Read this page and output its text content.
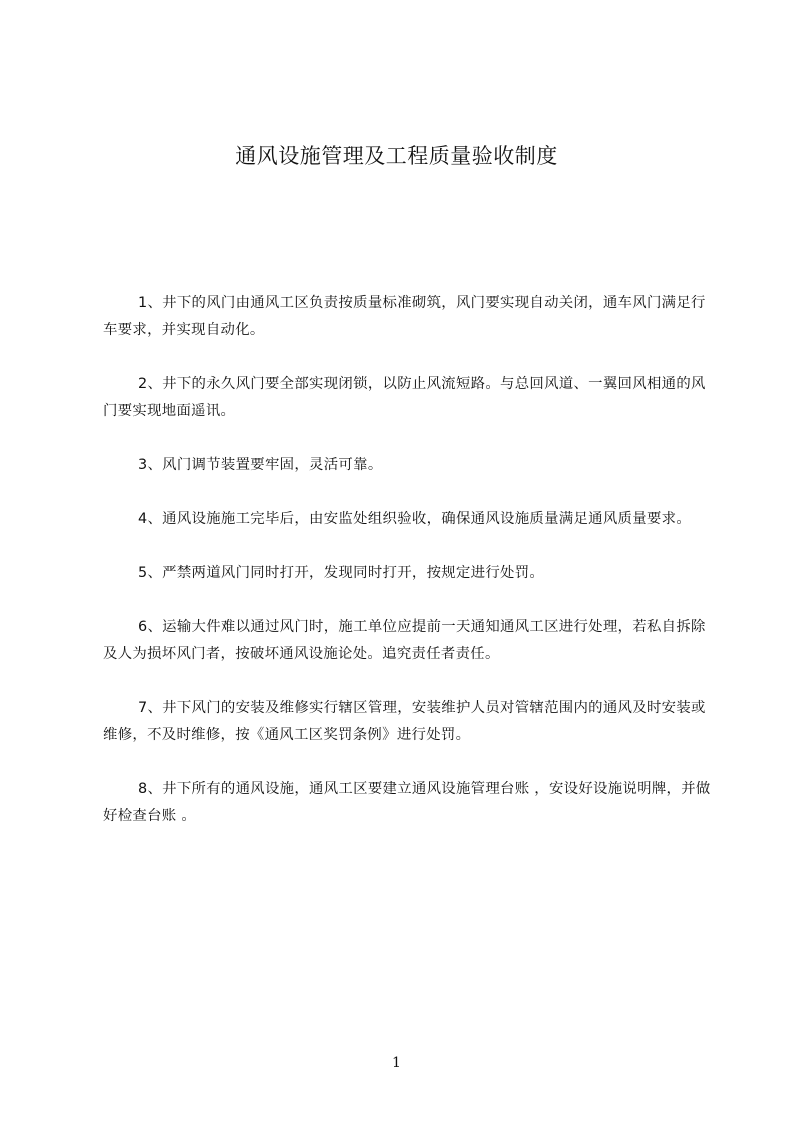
通风设施管理及工程质量验收制度

1、井下的风门由通风工区负责按质量标准砌筑，风门要实现自动关闭，通车风门满足行车要求，并实现自动化。

2、井下的永久风门要全部实现闭锁，以防止风流短路。与总回风道、一翼回风相通的风门要实现地面遥讯。

3、风门调节装置要牢固，灵活可靠。

4、通风设施施工完毕后，由安监处组织验收，确保通风设施质量满足通风质量要求。

5、严禁两道风门同时打开，发现同时打开，按规定进行处罚。

6、运输大件难以通过风门时，施工单位应提前一天通知通风工区进行处理，若私自拆除及人为损坏风门者，按破坏通风设施论处。追究责任者责任。

7、井下风门的安装及维修实行辖区管理，安装维护人员对管辖范围内的通风及时安装或维修，不及时维修，按《通风工区奖罚条例》进行处罚。

8、井下所有的通风设施，通风工区要建立通风设施管理台账 ，安设好设施说明牌，并做好检查台账 。

1
